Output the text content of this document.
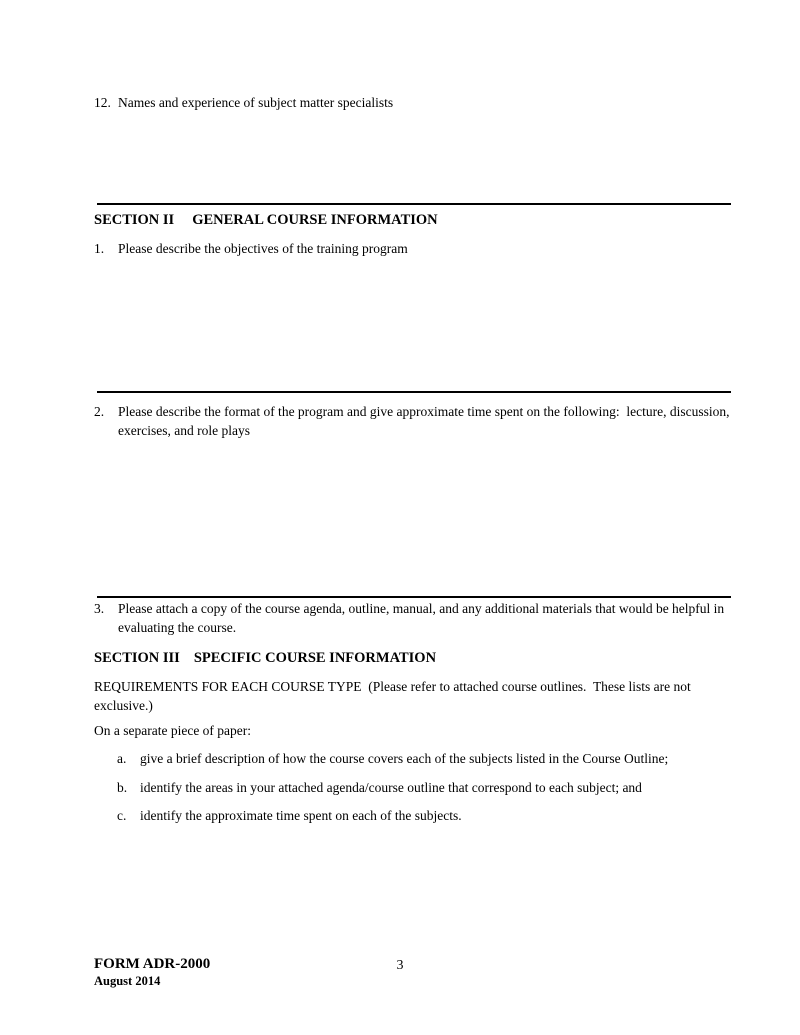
12. Names and experience of subject matter specialists
SECTION II GENERAL COURSE INFORMATION
1.	Please describe the objectives of the training program
2.	Please describe the format of the program and give approximate time spent on the following:  lecture, discussion, exercises, and role plays
3.	Please attach a copy of the course agenda, outline, manual, and any additional materials that would be helpful in evaluating the course.
SECTION III SPECIFIC COURSE INFORMATION
REQUIREMENTS FOR EACH COURSE TYPE  (Please refer to attached course outlines.  These lists are not exclusive.)
On a separate piece of paper:
a.	give a brief description of how the course covers each of the subjects listed in the Course Outline;
b. identify the areas in your attached agenda/course outline that correspond to each subject; and
c.	identify the approximate time spent on each of the subjects.
FORM ADR-2000	3
August 2014
